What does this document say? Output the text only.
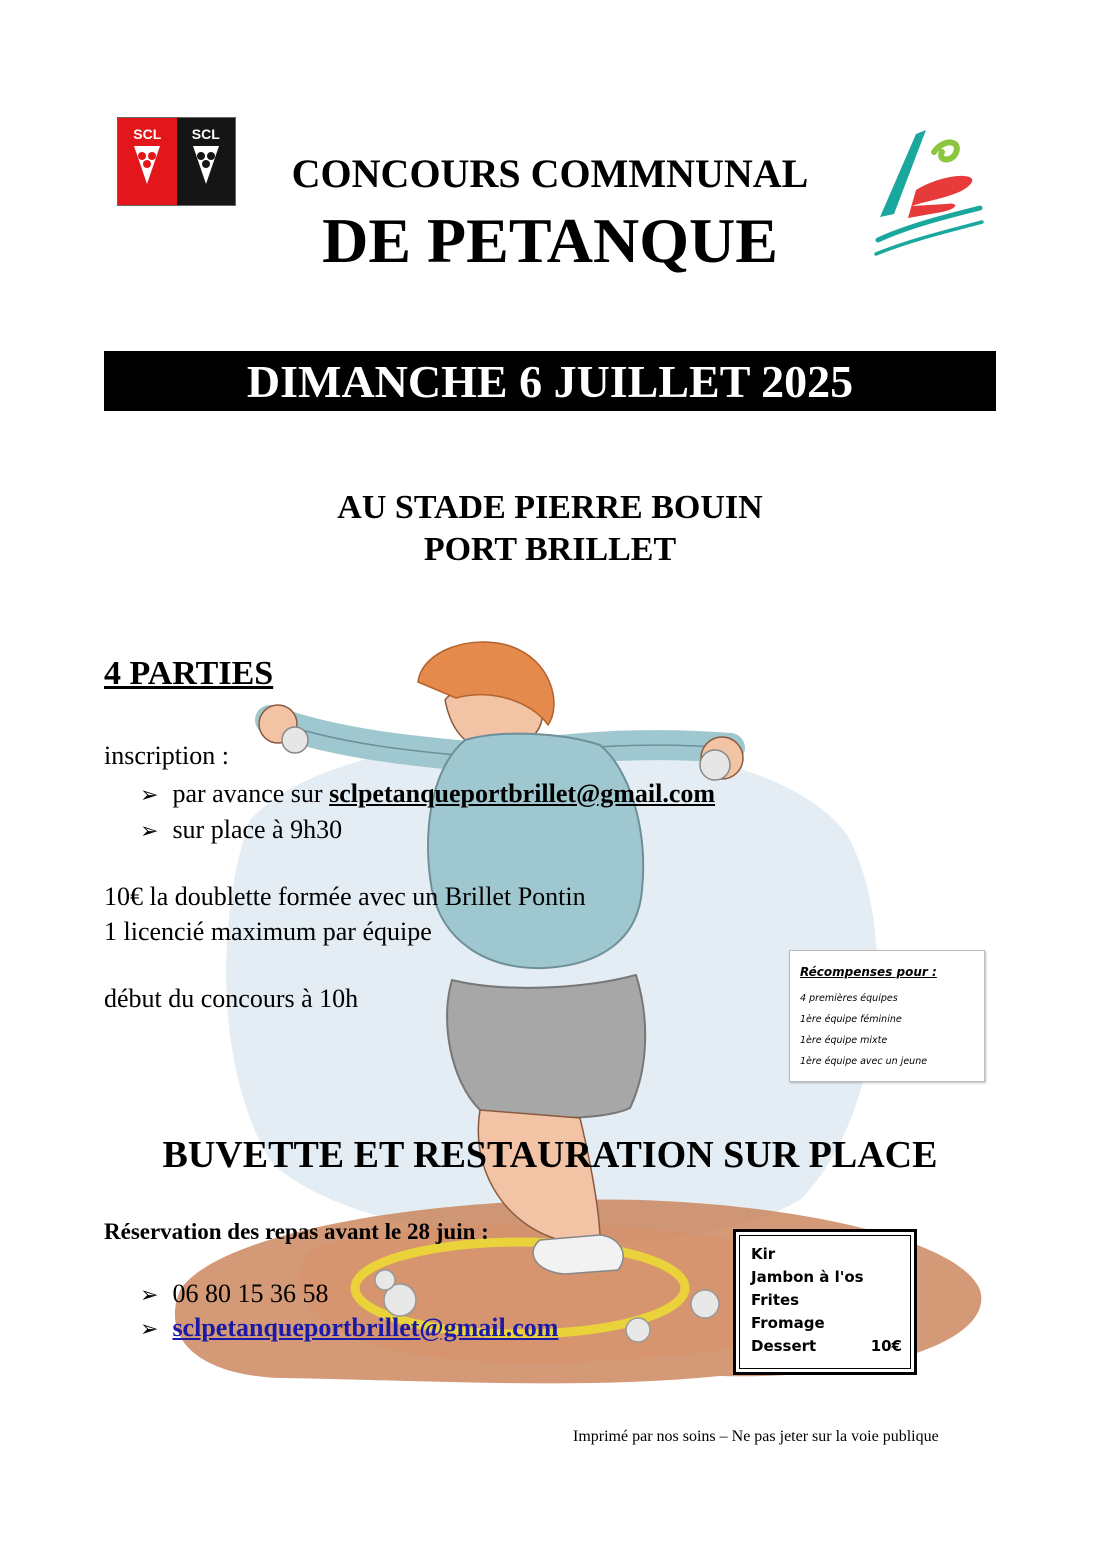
SCL	SCL
CONCOURS COMMNUNAL
DE PETANQUE
DIMANCHE 6 JUILLET 2025
AU STADE PIERRE BOUIN
PORT BRILLET
4 PARTIES
inscription :
➢ par avance sur sclpetanqueportbrillet@gmail.com
➢ sur place à 9h30
10€ la doublette formée avec un Brillet Pontin
1 licencié maximum par équipe
début du concours à 10h
Récompenses pour :
4 premières équipes
1ère équipe féminine
1ère équipe mixte
1ère équipe avec un jeune
BUVETTE ET RESTAURATION SUR PLACE
Réservation des repas avant le 28 juin :
➢ 06 80 15 36 58
➢ sclpetanqueportbrillet@gmail.com
Kir
Jambon à l'os
Frites
Fromage
Dessert	10€
Imprimé par nos soins – Ne pas jeter sur la voie publique
